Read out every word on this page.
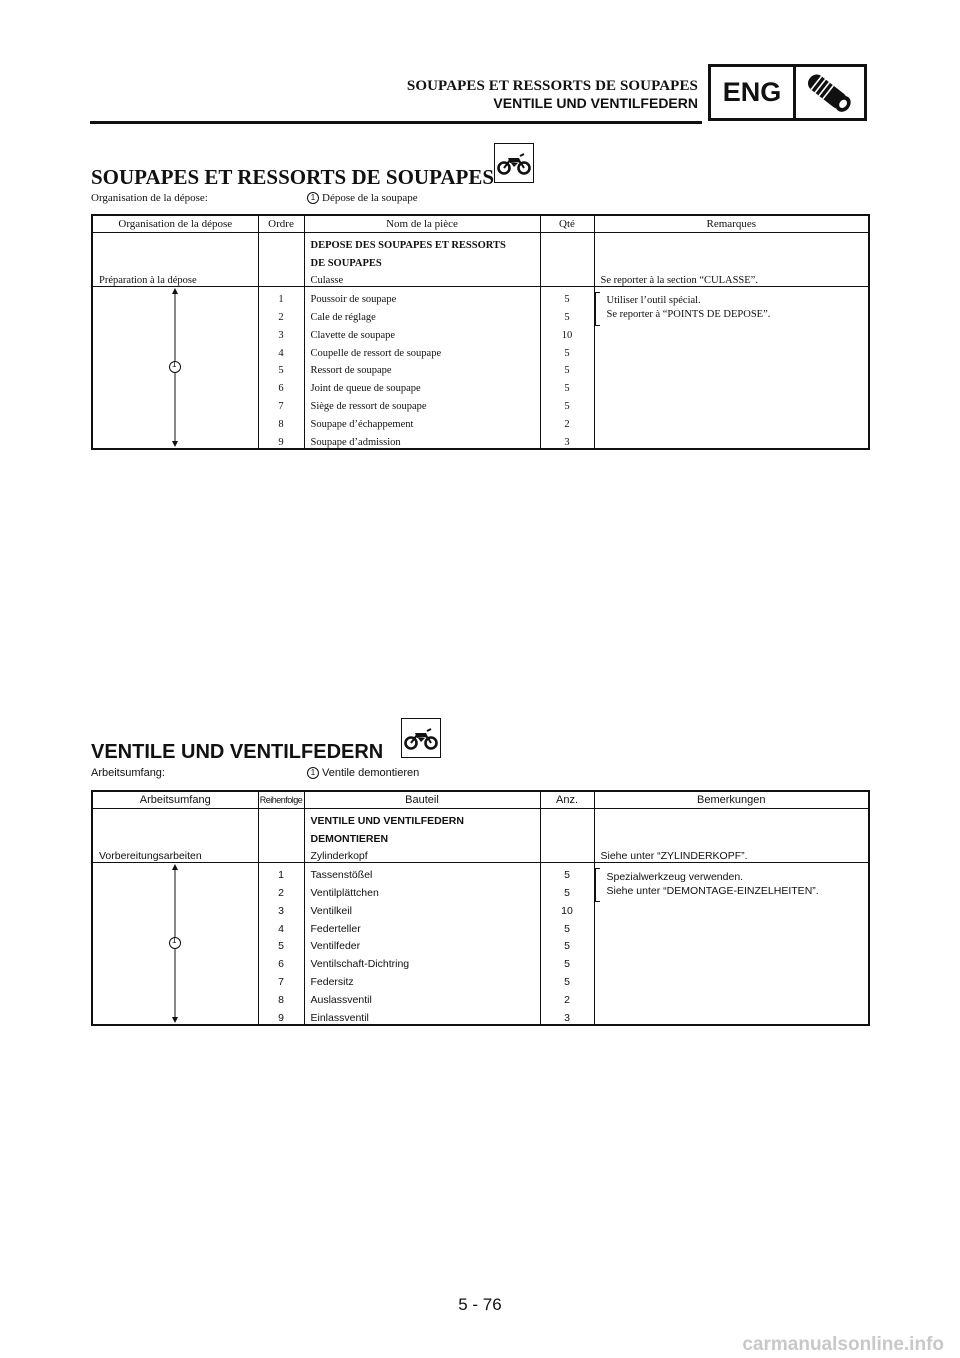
SOUPAPES ET RESSORTS DE SOUPAPES
VENTILE UND VENTILFEDERN ENG
SOUPAPES ET RESSORTS DE SOUPAPES
Organisation de la dépose:	1 Dépose de la soupape
Organisation de la dépose	Ordre	Nom de la pièce	Qté	Remarques
Préparation à la dépose		DEPOSE DES SOUPAPES ET RESSORTS		Se reporter à la section “CULASSE”.
		DE SOUPAPES		
		Culasse		

1	1	Poussoir de soupape	5	Utiliser l’outil spécial.
Se reporter à “POINTS DE DEPOSE”.

	2	Cale de réglage	5	
	3	Clavette de soupape	10	
	4	Coupelle de ressort de soupape	5	
	5	Ressort de soupape	5	
	6	Joint de queue de soupape	5	
	7	Siège de ressort de soupape	5	
	8	Soupape d’échappement	2	
	9	Soupape d’admission	3	
VENTILE UND VENTILFEDERN
Arbeitsumfang:	1 Ventile demontieren
Arbeitsumfang	Reihenfolge	Bauteil	Anz.	Bemerkungen
Vorbereitungsarbeiten		VENTILE UND VENTILFEDERN		Siehe unter “ZYLINDERKOPF”.
		DEMONTIEREN		
		Zylinderkopf		

1	1	Tassenstößel	5	Spezialwerkzeug verwenden.
Siehe unter “DEMONTAGE-EINZELHEITEN”.

	2	Ventilplättchen	5	
	3	Ventilkeil	10	
	4	Federteller	5	
	5	Ventilfeder	5	
	6	Ventilschaft-Dichtring	5	
	7	Federsitz	5	
	8	Auslassventil	2	
	9	Einlassventil	3	
5 - 76
carmanualsonline.info
